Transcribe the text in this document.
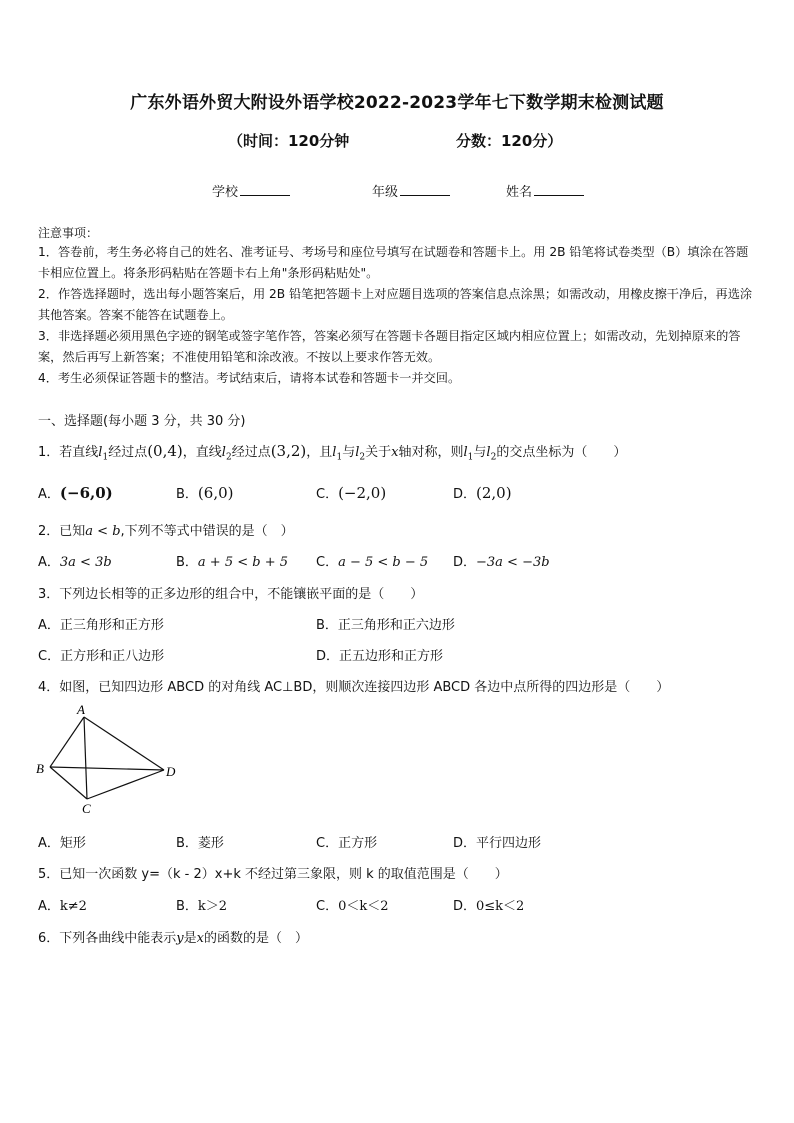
广东外语外贸大附设外语学校2022-2023学年七下数学期末检测试题
（时间：120分钟	分数：120分）
学校	年级	姓名
注意事项：
1．答卷前，考生务必将自己的姓名、准考证号、考场号和座位号填写在试题卷和答题卡上。用 2B 铅笔将试卷类型（B）填涂在答题卡相应位置上。将条形码粘贴在答题卡右上角"条形码粘贴处"。
2．作答选择题时，选出每小题答案后，用 2B 铅笔把答题卡上对应题目选项的答案信息点涂黑；如需改动，用橡皮擦干净后，再选涂其他答案。答案不能答在试题卷上。
3．非选择题必须用黑色字迹的钢笔或签字笔作答，答案必须写在答题卡各题目指定区域内相应位置上；如需改动，先划掉原来的答案，然后再写上新答案；不准使用铅笔和涂改液。不按以上要求作答无效。
4．考生必须保证答题卡的整洁。考试结束后，请将本试卷和答题卡一并交回。
一、选择题(每小题 3 分，共 30 分)
1．若直线$l_1$经过点(0,4)，直线$l_2$经过点(3,2)，且$l_1$与$l_2$关于x轴对称，则$l_1$与$l_2$的交点坐标为（　　）
A．(−6,0)	B．(6,0)	C．(−2,0)	D．(2,0)
2．已知a < b,下列不等式中错误的是（　）
A．3a < 3b	B．a + 5 < b + 5 C．a − 5 < b − 5 D．−3a < −3b
3．下列边长相等的正多边形的组合中，不能镶嵌平面的是（　　）
A．正三角形和正方形	B．正三角形和正六边形
C．正方形和正八边形	D．正五边形和正方形
4．如图，已知四边形 ABCD 的对角线 AC⊥BD，则顺次连接四边形 ABCD 各边中点所得的四边形是（　　）
A
B
C
D
A．矩形	B．菱形	C．正方形	D．平行四边形
5．已知一次函数 y=（k - 2）x+k 不经过第三象限，则 k 的取值范围是（　　）
A．k≠2	B．k＞2	C．0＜k＜2	D．0≤k＜2
6．下列各曲线中能表示y是x的函数的是（　）
